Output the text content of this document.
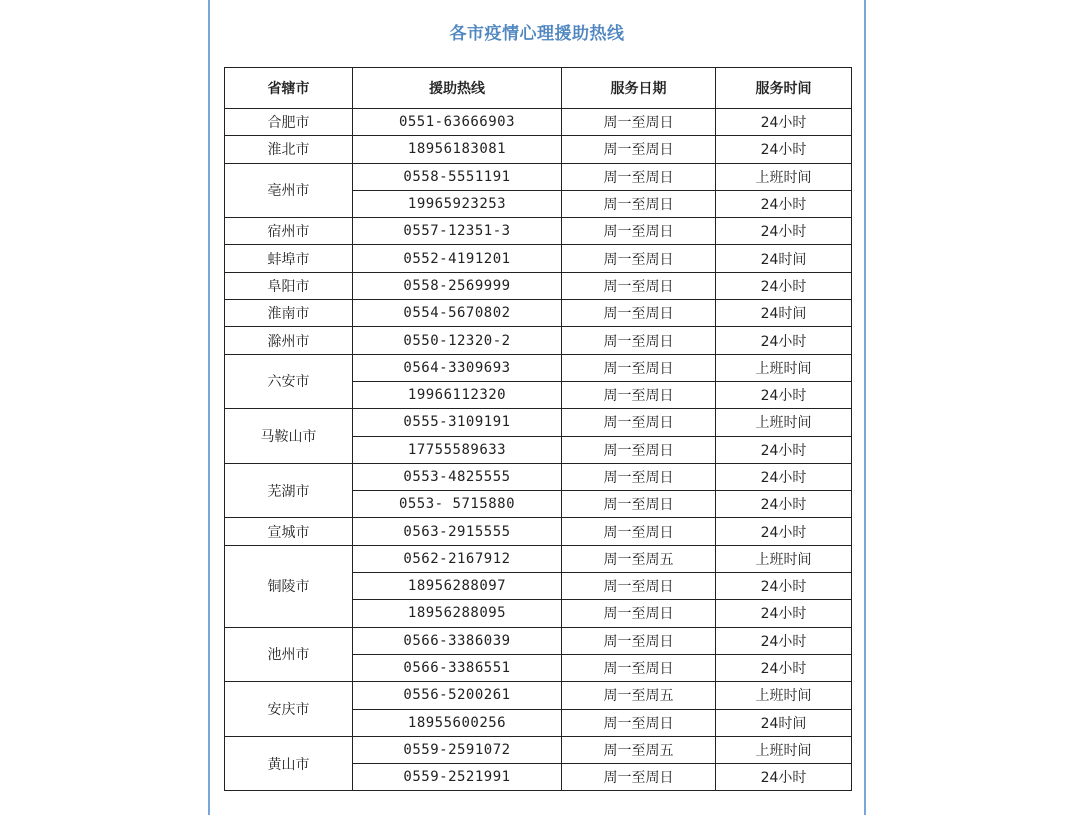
各市疫情心理援助热线
省辖市	援助热线	服务日期	服务时间
合肥市	0551-63666903	周一至周日	24小时
淮北市	18956183081	周一至周日	24小时
亳州市	0558-5551191	周一至周日	上班时间
	19965923253	周一至周日	24小时
宿州市	0557-12351-3	周一至周日	24小时
蚌埠市	0552-4191201	周一至周日	24时间
阜阳市	0558-2569999	周一至周日	24小时
淮南市	0554-5670802	周一至周日	24时间
滁州市	0550-12320-2	周一至周日	24小时
六安市	0564-3309693	周一至周日	上班时间
	19966112320	周一至周日	24小时
马鞍山市	0555-3109191	周一至周日	上班时间
	17755589633	周一至周日	24小时
芜湖市	0553-4825555	周一至周日	24小时
	0553- 5715880	周一至周日	24小时
宣城市	0563-2915555	周一至周日	24小时
铜陵市	0562-2167912	周一至周五	上班时间
	18956288097	周一至周日	24小时
	18956288095	周一至周日	24小时
池州市	0566-3386039	周一至周日	24小时
	0566-3386551	周一至周日	24小时
安庆市	0556-5200261	周一至周五	上班时间
	18955600256	周一至周日	24时间
黄山市	0559-2591072	周一至周五	上班时间
	0559-2521991	周一至周日	24小时
